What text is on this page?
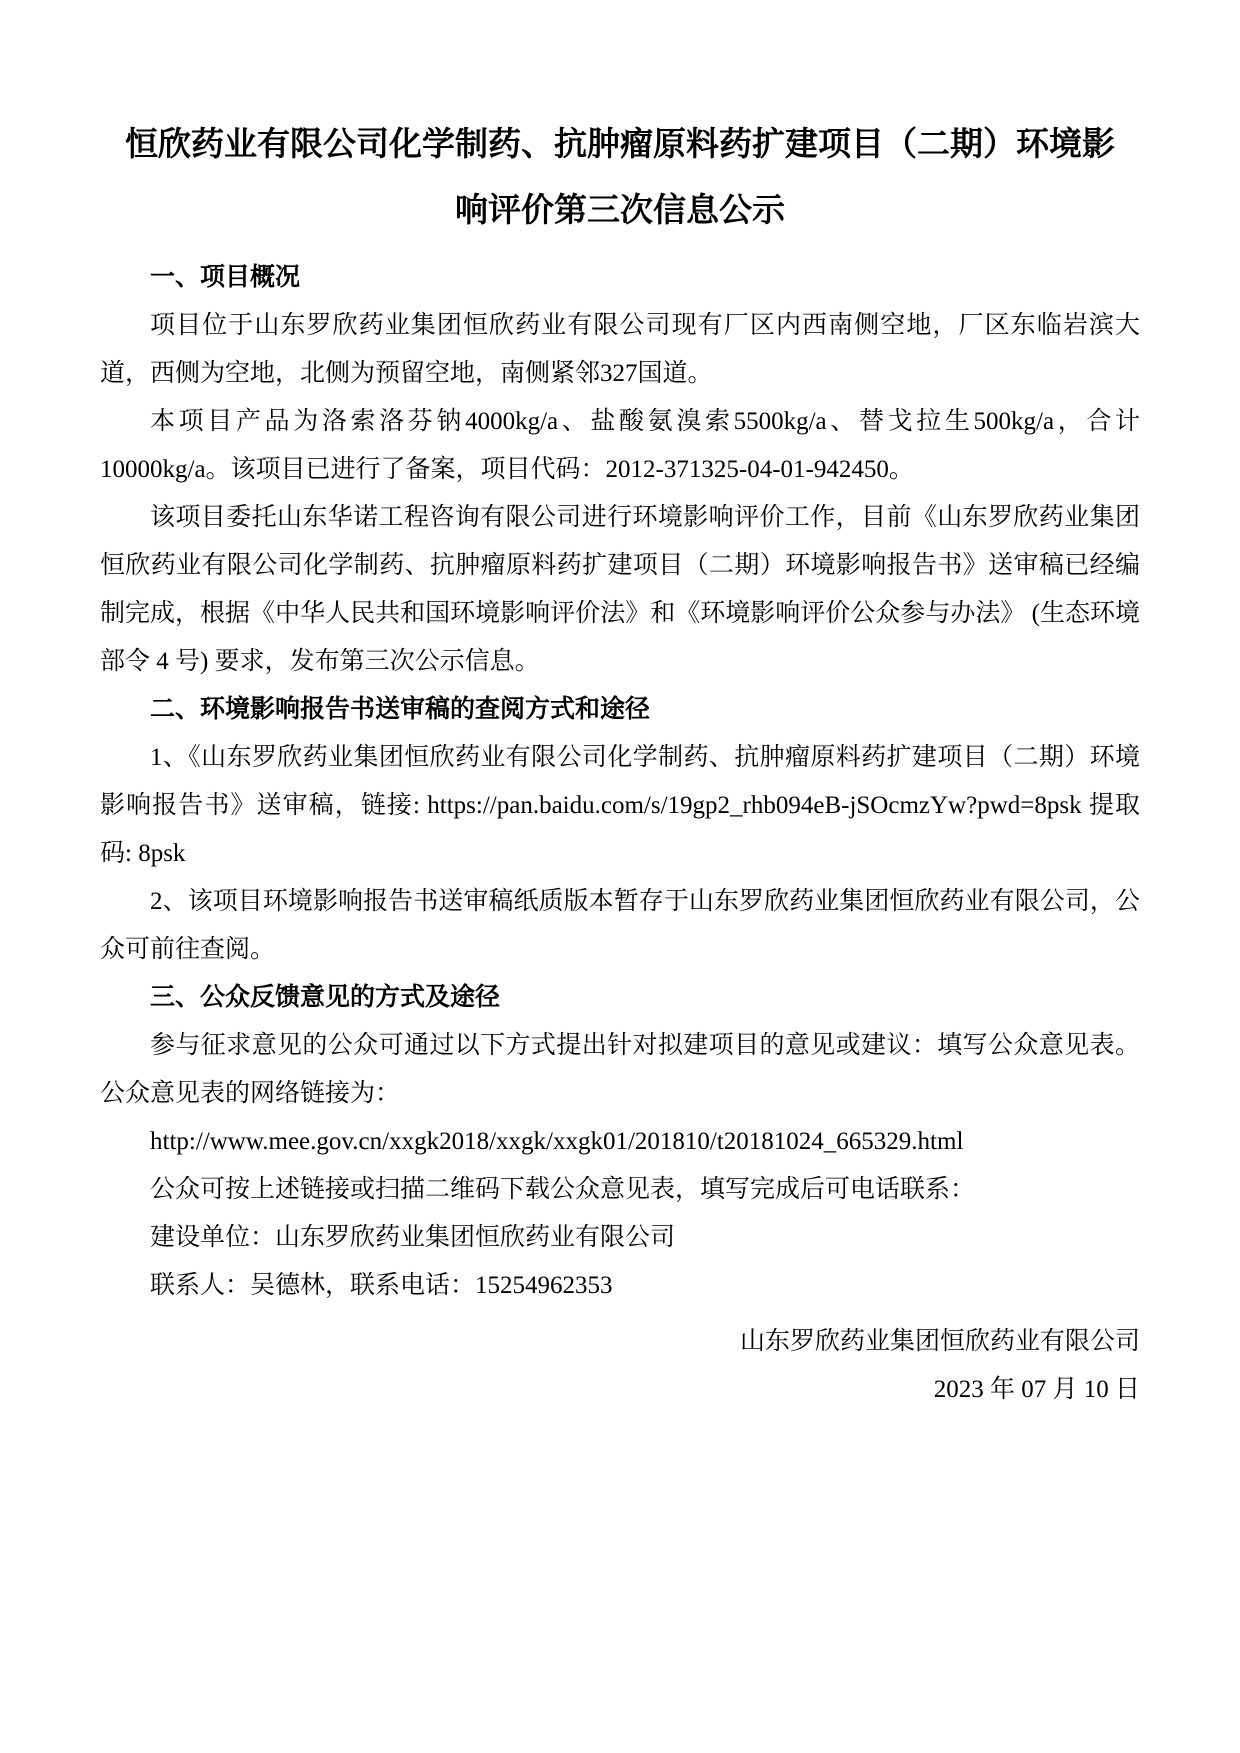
恒欣药业有限公司化学制药、抗肿瘤原料药扩建项目（二期）环境影
响评价第三次信息公示

一、项目概况

项目位于山东罗欣药业集团恒欣药业有限公司现有厂区内西南侧空地，厂区东临岩滨大道，西侧为空地，北侧为预留空地，南侧紧邻327国道。

本项目产品为洛索洛芬钠4000kg/a、盐酸氨溴索5500kg/a、替戈拉生500kg/a，合计10000kg/a。该项目已进行了备案，项目代码：2012-371325-04-01-942450。

该项目委托山东华诺工程咨询有限公司进行环境影响评价工作，目前《山东罗欣药业集团恒欣药业有限公司化学制药、抗肿瘤原料药扩建项目（二期）环境影响报告书》送审稿已经编制完成，根据《中华人民共和国环境影响评价法》和《环境影响评价公众参与办法》 (生态环境部令 4 号) 要求，发布第三次公示信息。

二、环境影响报告书送审稿的查阅方式和途径

1、《山东罗欣药业集团恒欣药业有限公司化学制药、抗肿瘤原料药扩建项目（二期）环境影响报告书》送审稿，链接: https://pan.baidu.com/s/19gp2_rhb094eB-jSOcmzYw?pwd=8psk 提取码: 8psk

2、该项目环境影响报告书送审稿纸质版本暂存于山东罗欣药业集团恒欣药业有限公司，公众可前往查阅。

三、公众反馈意见的方式及途径

参与征求意见的公众可通过以下方式提出针对拟建项目的意见或建议：填写公众意见表。公众意见表的网络链接为：

http://www.mee.gov.cn/xxgk2018/xxgk/xxgk01/201810/t20181024_665329.html

公众可按上述链接或扫描二维码下载公众意见表，填写完成后可电话联系：

建设单位：山东罗欣药业集团恒欣药业有限公司

联系人：吴德林，联系电话：15254962353

山东罗欣药业集团恒欣药业有限公司

2023 年 07 月 10 日
